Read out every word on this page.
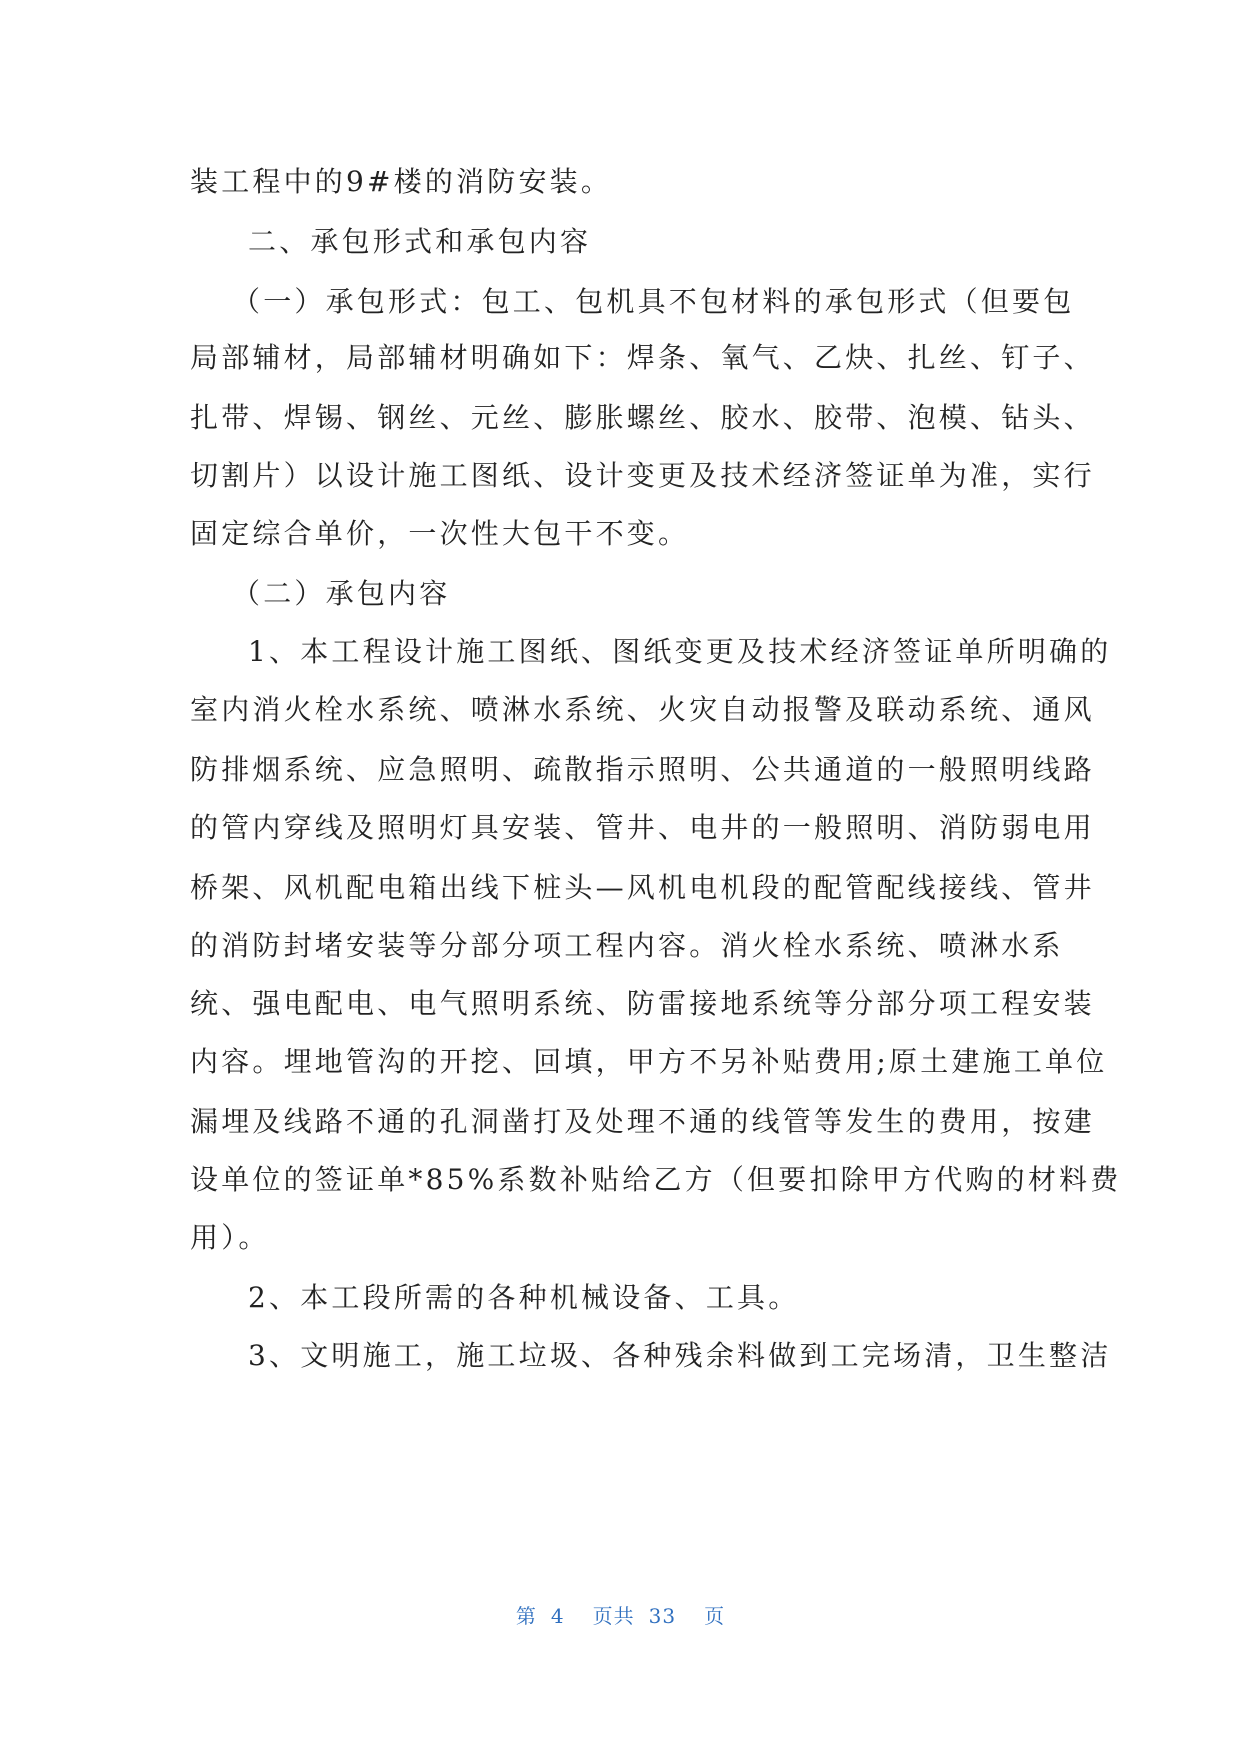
装工程中的9#楼的消防安装。
二、承包形式和承包内容
（一）承包形式：包工、包机具不包材料的承包形式（但要包
局部辅材，局部辅材明确如下：焊条、氧气、乙炔、扎丝、钉子、
扎带、焊锡、钢丝、元丝、膨胀螺丝、胶水、胶带、泡模、钻头、
切割片）以设计施工图纸、设计变更及技术经济签证单为准，实行
固定综合单价，一次性大包干不变。
（二）承包内容
1、本工程设计施工图纸、图纸变更及技术经济签证单所明确的
室内消火栓水系统、喷淋水系统、火灾自动报警及联动系统、通风
防排烟系统、应急照明、疏散指示照明、公共通道的一般照明线路
的管内穿线及照明灯具安装、管井、电井的一般照明、消防弱电用
桥架、风机配电箱出线下桩头—风机电机段的配管配线接线、管井
的消防封堵安装等分部分项工程内容。消火栓水系统、喷淋水系
统、强电配电、电气照明系统、防雷接地系统等分部分项工程安装
内容。埋地管沟的开挖、回填，甲方不另补贴费用;原土建施工单位
漏埋及线路不通的孔洞凿打及处理不通的线管等发生的费用，按建
设单位的签证单*85%系数补贴给乙方（但要扣除甲方代购的材料费
用）。
2、本工段所需的各种机械设备、工具。
3、文明施工，施工垃圾、各种残余料做到工完场清，卫生整洁
第 4 页共 33 页
